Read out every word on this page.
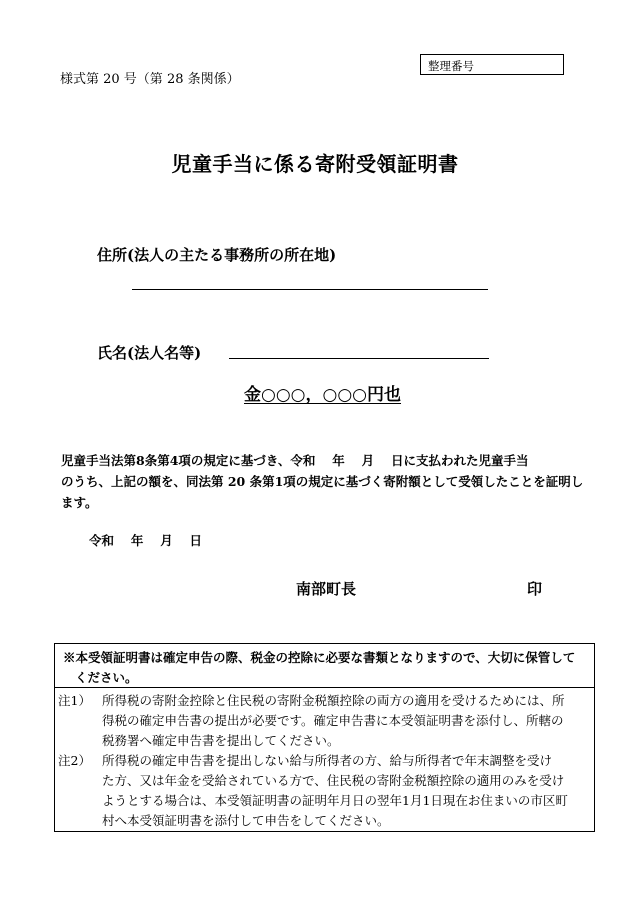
様式第 20 号（第 28 条関係）
整理番号
児童手当に係る寄附受領証明書
住所(法人の主たる事務所の所在地)
氏名(法人名等)
金○○○，○○○円也
児童手当法第8条第4項の規定に基づき、令和　 年　 月　 日に支払われた児童手当
のうち、上記の額を、同法第 20 条第1項の規定に基づく寄附額として受領したことを証明し
ます。
令和　 年　 月　 日
南部町長	印
※本受領証明書は確定申告の際、税金の控除に必要な書類となりますので、大切に保管して
ください。
注1） 所得税の寄附金控除と住民税の寄附金税額控除の両方の適用を受けるためには、所
得税の確定申告書の提出が必要です。確定申告書に本受領証明書を添付し、所轄の
税務署へ確定申告書を提出してください。
注2） 所得税の確定申告書を提出しない給与所得者の方、給与所得者で年末調整を受け
た方、又は年金を受給されている方で、住民税の寄附金税額控除の適用のみを受け
ようとする場合は、本受領証明書の証明年月日の翌年1月1日現在お住まいの市区町
村へ本受領証明書を添付して申告をしてください。
